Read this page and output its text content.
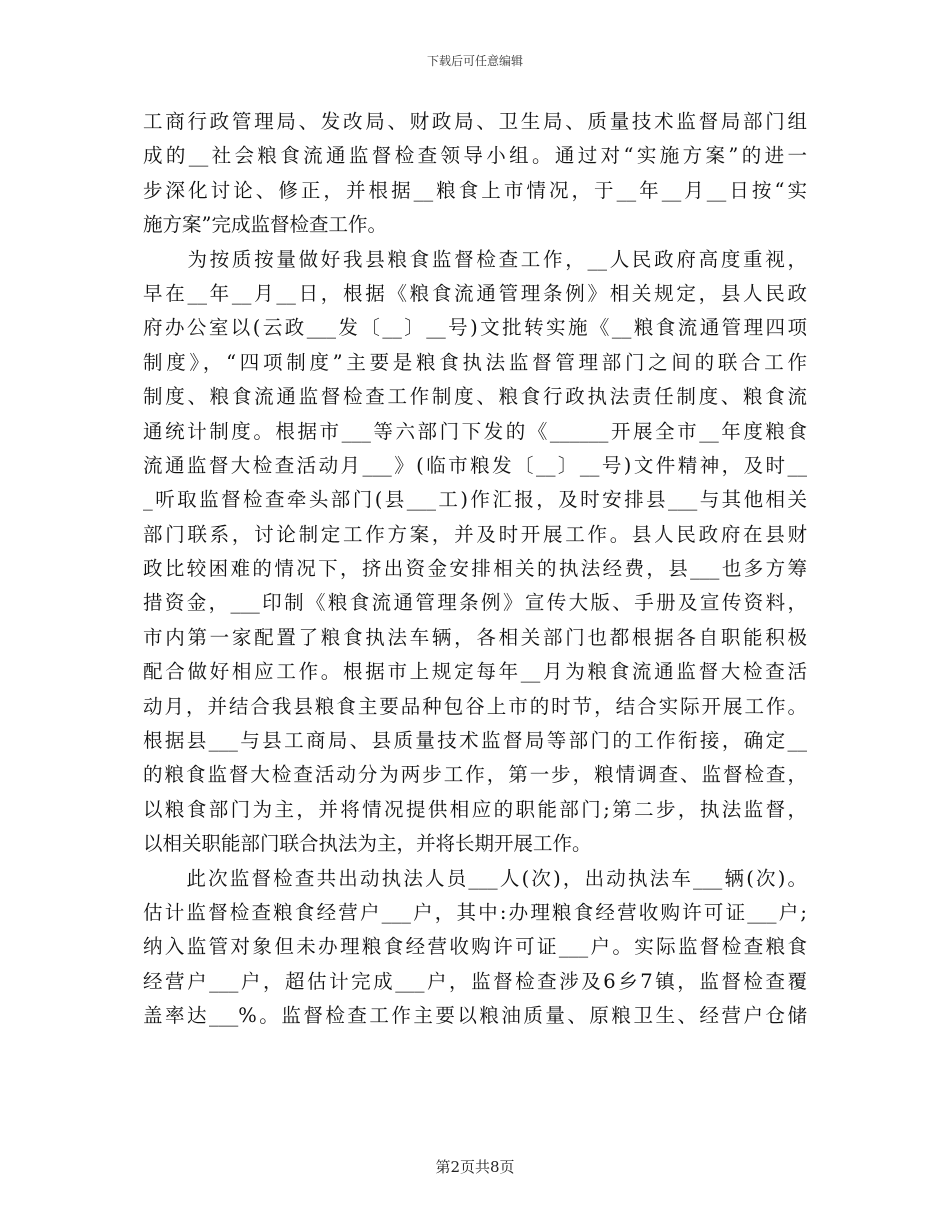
下载后可任意编辑
工商行政管理局、发改局、财政局、卫生局、质量技术监督局部门组
成的__社会粮食流通监督检查领导小组。通过对“实施方案”的进一
步深化讨论、修正，并根据__粮食上市情况，于__年__月__日按“实
施方案”完成监督检查工作。
　　为按质按量做好我县粮食监督检查工作，__人民政府高度重视，
早在__年__月__日，根据《粮食流通管理条例》相关规定，县人民政
府办公室以(云政___发〔__〕__号)文批转实施《__粮食流通管理四项
制度》，“四项制度”主要是粮食执法监督管理部门之间的联合工作
制度、粮食流通监督检查工作制度、粮食行政执法责任制度、粮食流
通统计制度。根据市___等六部门下发的《______开展全市__年度粮食
流通监督大检查活动月___》(临市粮发〔__〕__号)文件精神，及时__
_听取监督检查牵头部门(县___工)作汇报，及时安排县___与其他相关
部门联系，讨论制定工作方案，并及时开展工作。县人民政府在县财
政比较困难的情况下，挤出资金安排相关的执法经费，县___也多方筹
措资金，___印制《粮食流通管理条例》宣传大版、手册及宣传资料，
市内第一家配置了粮食执法车辆，各相关部门也都根据各自职能积极
配合做好相应工作。根据市上规定每年__月为粮食流通监督大检查活
动月，并结合我县粮食主要品种包谷上市的时节，结合实际开展工作。
根据县___与县工商局、县质量技术监督局等部门的工作衔接，确定__
的粮食监督大检查活动分为两步工作，第一步，粮情调查、监督检查，
以粮食部门为主，并将情况提供相应的职能部门;第二步，执法监督，
以相关职能部门联合执法为主，并将长期开展工作。
　　此次监督检查共出动执法人员___人(次)，出动执法车___辆(次)。
估计监督检查粮食经营户___户，其中:办理粮食经营收购许可证___户;
纳入监管对象但未办理粮食经营收购许可证___户。实际监督检查粮食
经营户___户，超估计完成___户，监督检查涉及6乡7镇，监督检查覆
盖率达___%。监督检查工作主要以粮油质量、原粮卫生、经营户仓储
第2页共8页
